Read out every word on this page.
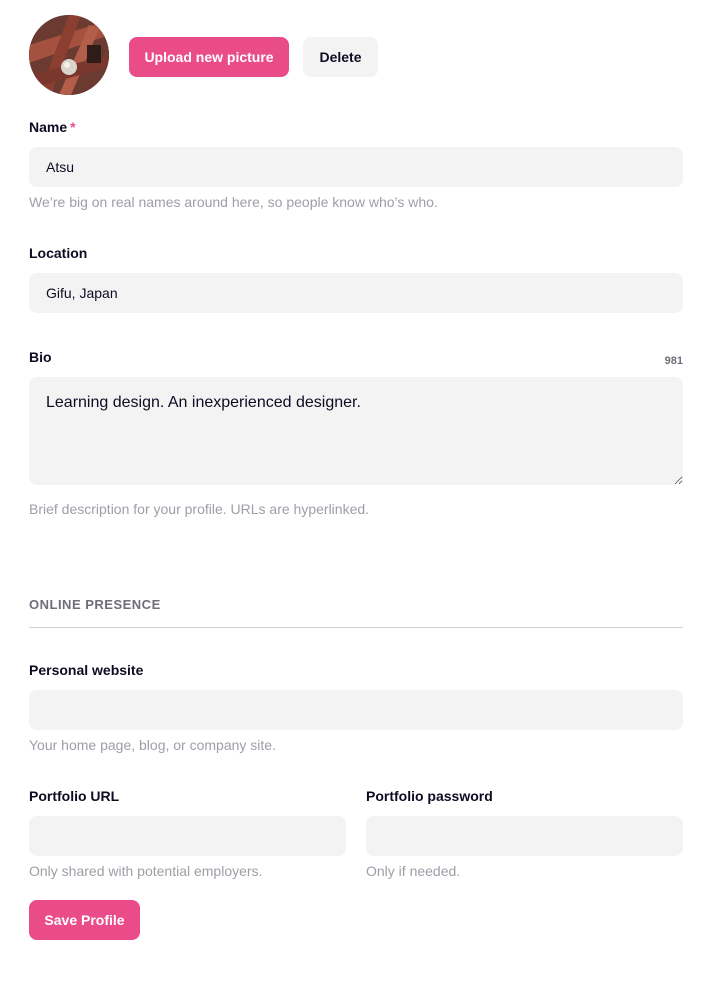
Upload new picture	Delete
Name *
Atsu
We’re big on real names around here, so people know who’s who.
Location
Gifu, Japan
Bio	981
Learning design. An inexperienced designer.
Brief description for your profile. URLs are hyperlinked.
ONLINE PRESENCE
Personal website
Your home page, blog, or company site.
Portfolio URL
Only shared with potential employers.
Portfolio password
Only if needed.
Save Profile
